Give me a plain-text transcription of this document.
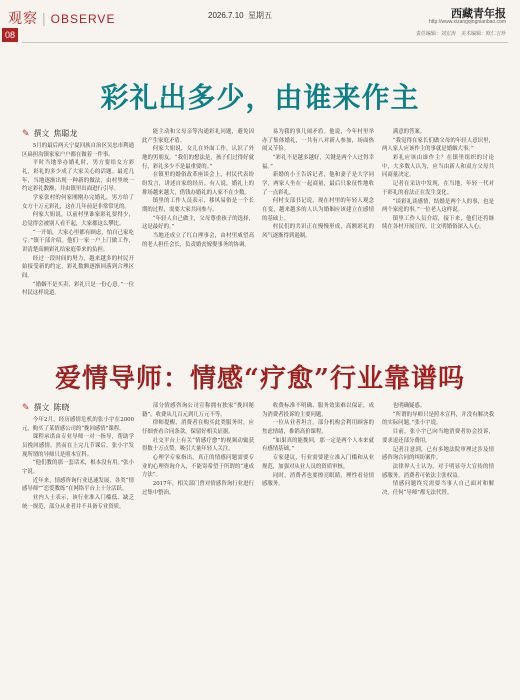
观察 | OBSERVE
08
2026.7.10 星期五	西藏青年报
http://www.xizangqingnianbao.com
责任编辑：刘宏涛　美术编辑：欧仁吉珍
彩礼出多少，由谁来作主
✎ 撰文 焦聪龙

5月的最后两天宁夏回族自治区吴忠市利通区扁担沟镇家家户户都在做着一件事。

平时当地举办婚礼时，男方要给女方彩礼，彩礼的多少成了大家关心的话题。最近几年，当地逐渐出现一种新的做法，由村里统一约定彩礼数额，并由镇里出面进行引导。

学家张村的何家刚刚办完婚礼，男方给了女方十万元彩礼，这在几年前是非常常见的。

何家大姐说，以前村里谁家彩礼要得少，总觉得会被别人看不起，大家都这么攀比。

“一开始，大家心里都有顾虑，怕自己家吃亏。”镇干部介绍。他们一家一户上门做工作，讲清楚高额彩礼给家庭带来的负担。

经过一段时间的努力，越来越多的村民开始接受新的约定，彩礼数额逐渐回落到合理区间。

“婚姻不是买卖，彩礼只是一份心意。”一位村民这样说道。

能主动和父母亲等沟通彩礼问题，避免因此产生家庭矛盾。

何家大姐说，女儿在外面工作，认识了外地的男朋友。“我们的想法是，孩子们过得好就行，彩礼多少不是最重要的。”

在镇里的婚俗改革座谈会上，村民代表纷纷发言，讲述自家的经历。有人说，婚礼上的排场越来越大，借钱办婚礼的人家不在少数。

镇里的工作人员表示，移风易俗是一个长期的过程，需要大家共同参与。

“年轻人自己做主，父母尊重孩子的选择，这是最好的。”

当地还成立了红白理事会，由村里威望高的老人担任会长，负责婚丧嫁娶事务的协调。

易为我的事儿闹矛盾。他说，今年村里举办了集体婚礼，一共有八对新人参加，场面热闹又节俭。

“彩礼不是越多越好，关键是两个人过得幸福。”

新婚的小王告诉记者，他和妻子是大学同学，两家人坐在一起商量，最后只象征性地收了一点彩礼。

何村支部书记说，现在村里的年轻人观念在变，越来越多的人认为婚姻应该建立在感情的基础上。

村民们的共识正在慢慢形成，高额彩礼的风气逐渐得到遏制。

满意的答案。

“我觉得在家长们做父母的年轻人意识里，两人家人应该作主的事就是婚姻大事。”

彩礼应该由谁作主？在镇里组织的讨论中，大多数人认为，应当由新人和双方父母共同商量决定。

记者在采访中发现，在当地，年轻一代对于彩礼的看法正在发生变化。

“谈彩礼谈感情，结婚是两个人的事，也是两个家庭的事。”一位老人这样说。

镇里工作人员介绍，接下来，他们还将继续在各村开展宣传，让文明婚俗深入人心。

爱情导师：情感“疗愈”行业靠谱吗
✎ 撰文 陈晓

今年2月，经历感情危机的张小宇在2000元，购买了某情感公司的“挽回感情”课程。

课程承诺由专业导师一对一指导，帮助学员挽回感情。然而在上完几节课后，张小宇发现所谓的导师只是照本宣科。

“他们教的那一套话术，根本没有用。”张小宇说。

近年来，情感咨询行业迅速发展，各类“情感导师”“恋爱教练”在网络平台上十分活跃。

业内人士表示，该行业准入门槛低、缺乏统一规范，部分从业者并不具备专业资质。

部分情感咨询公司宣称拥有独家“挽回秘籍”，收费从几百元到几万元不等。

律师提醒，消费者在购买此类服务时，应仔细查看合同条款，保留好相关证据。

社交平台上有关“情感疗愈”的视频动辄获得数十万点赞，吸引大量年轻人关注。

心理学专家指出，真正的情感问题需要专业的心理咨询介入，不能寄希望于所谓的“速成方法”。

2017年，相关部门曾对情感咨询行业进行过集中整治。

收费标准不明确、服务效果难以保证，成为消费者投诉的主要问题。

一位从业者坦言，部分机构会利用顾客的焦虑情绪，推销高价课程。

“如果真的能挽回，那一定是两个人本来就有感情基础。”

专家建议，行业需要建立准入门槛和从业规范，加强对从业人员的资质审核。

同时，消费者也要擦亮眼睛，理性看待情感服务。

也明确疑惑。

“所谓的导师只是照本宣科，并没有解决我的实际问题。”张小宇说。

目前，张小宇已向当地消费者协会投诉，要求退还部分费用。

记者注意到，已有多地法院审理过涉及情感咨询合同的纠纷案件。

法律界人士认为，对于明显夸大宣传的情感服务，消费者可依法主张权益。

情感问题终究需要当事人自己面对和解决，任何“导师”都无法代替。
